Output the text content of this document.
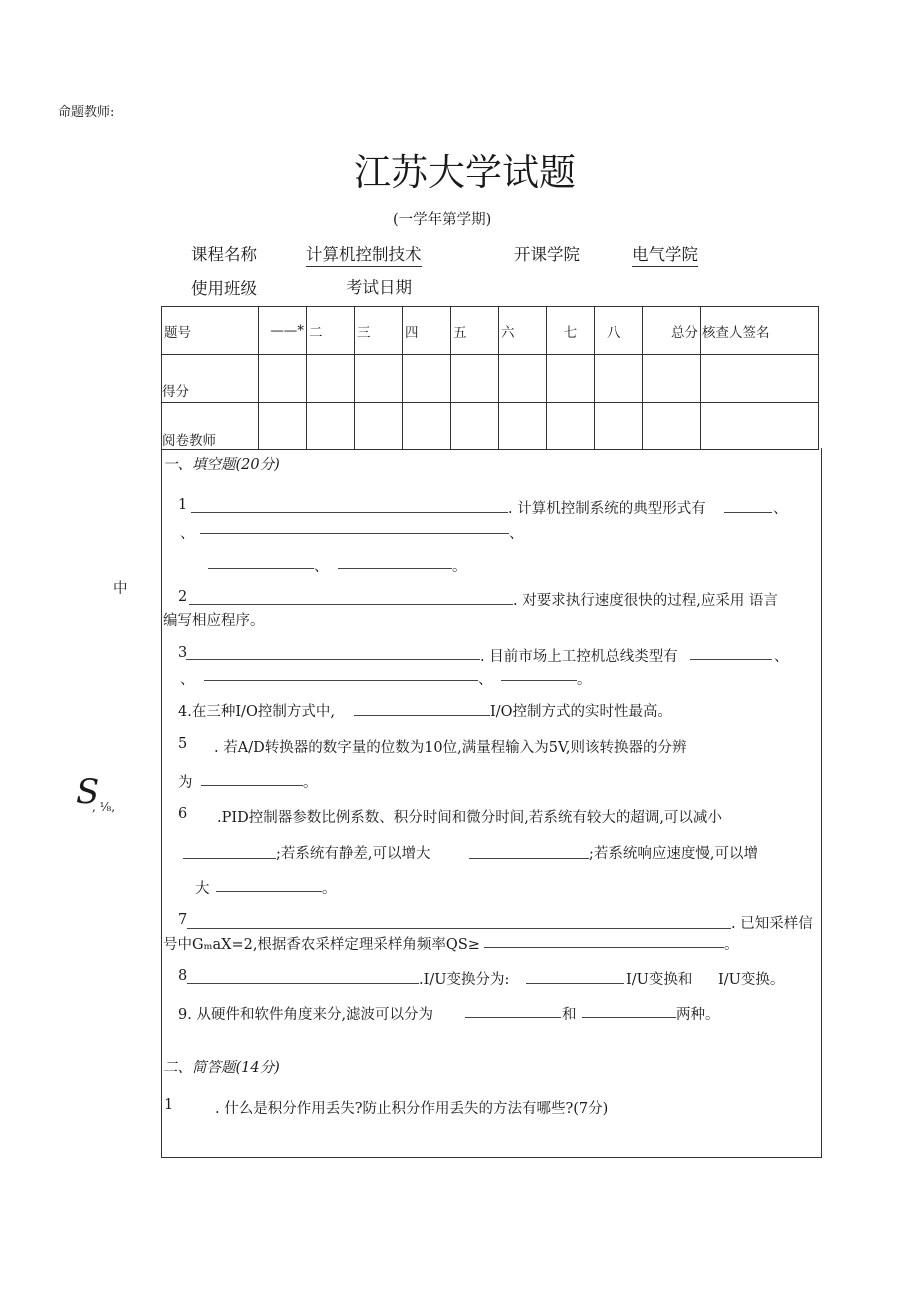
命题教师:
江苏大学试题
(一学年第学期)
课程名称	计算机控制技术	开课学院	电气学院
使用班级	考试日期
题号	——*	二	三	四	五	六	七	八	总分	核查人签名
得分										
阅卷教师										
中
S
, ⅛,
一、填空题(20分)
1	. 计算机控制系统的典型形式有	、
、	、
、	。
2	. 对要求执行速度很快的过程,应采用 语言
编写相应程序。
3	. 目前市场上工控机总线类型有	、
、	、	。
4.在三种I/O控制方式中,	I/O控制方式的实时性最高。
5 . 若A/D转换器的数字量的位数为10位,满量程输入为5V,则该转换器的分辨
为	。
6 .PID控制器参数比例系数、积分时间和微分时间,若系统有较大的超调,可以减小
;若系统有静差,可以增大	;若系统响应速度慢,可以增
大	。
7	. 已知采样信
号中GₘaX=2,根据香农采样定理采样角频率QS≥	。
8	.I/U变换分为:	I/U变换和 I/U变换。
9. 从硬件和软件角度来分,滤波可以分为	和	两种。
二、简答题(14分)
1	. 什么是积分作用丢失?防止积分作用丢失的方法有哪些?(7分)
